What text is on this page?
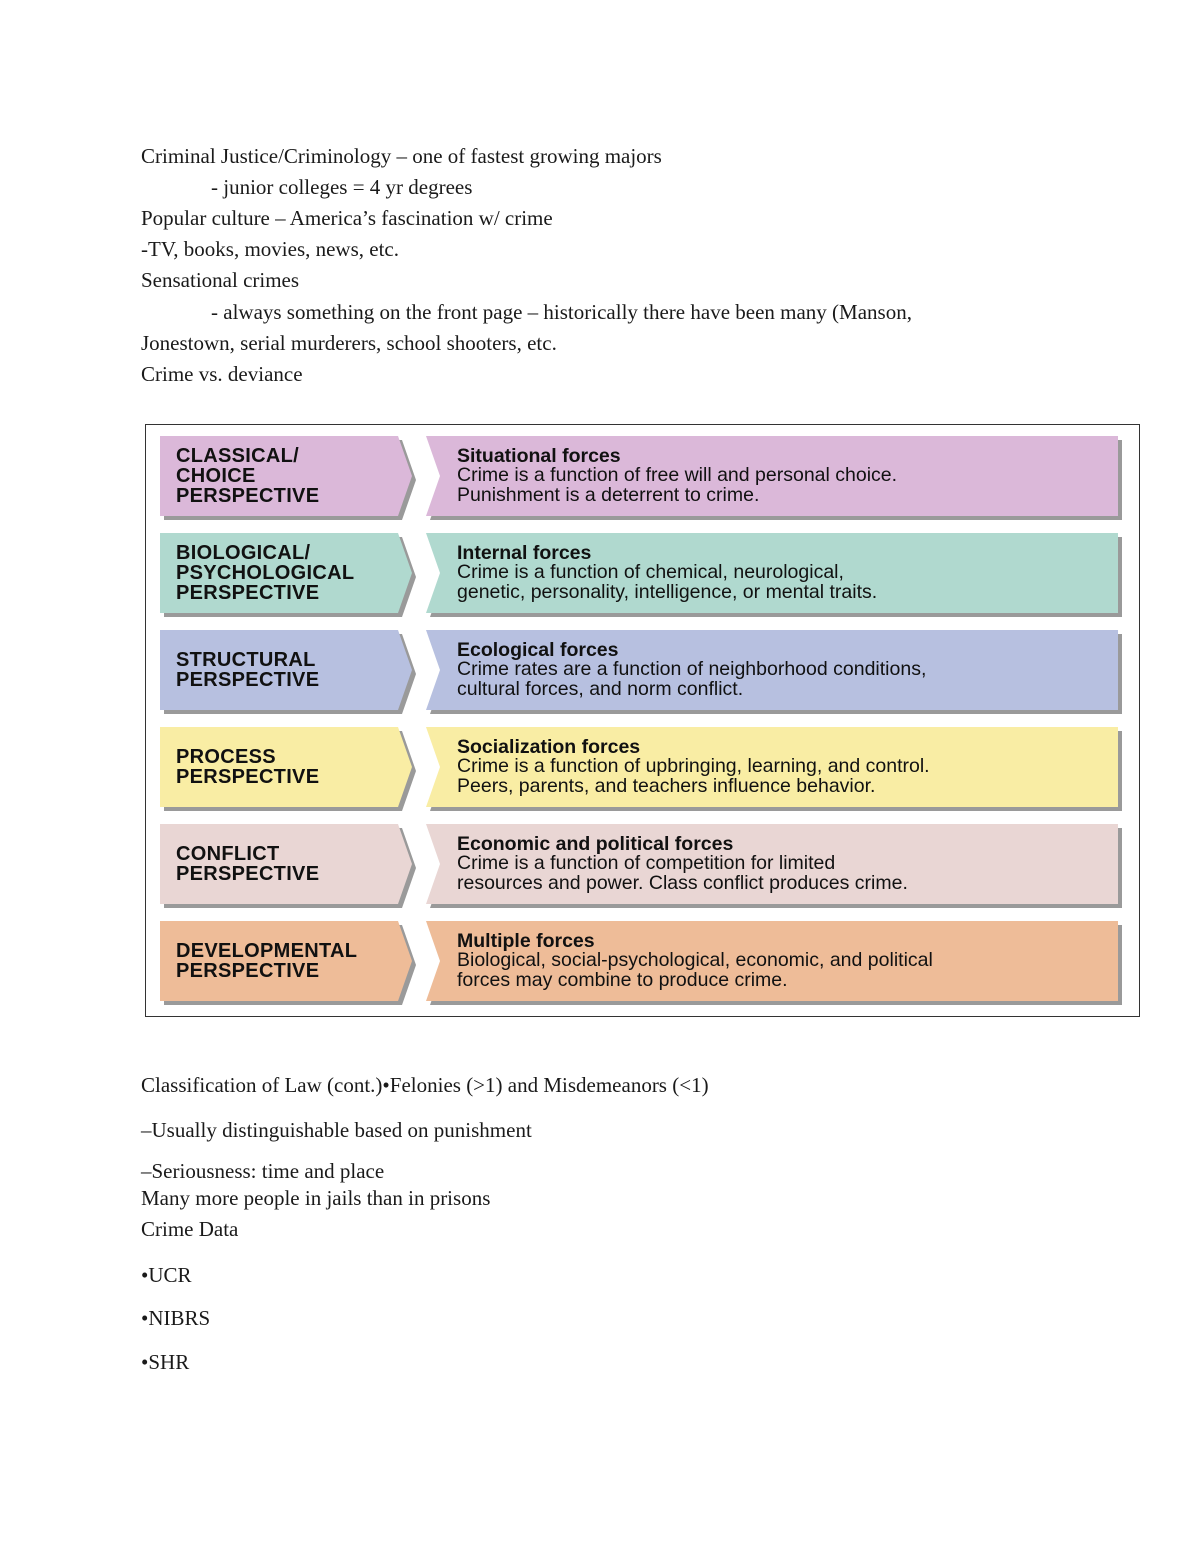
Criminal Justice/Criminology – one of fastest growing majors
- junior colleges = 4 yr degrees
Popular culture – America’s fascination w/ crime
-TV, books, movies, news, etc.
Sensational crimes
- always something on the front page – historically there have been many (Manson,
Jonestown, serial murderers, school shooters, etc.
Crime vs. deviance
CLASSICAL/
CHOICE
PERSPECTIVE
Situational forces
Crime is a function of free will and personal choice.
Punishment is a deterrent to crime.
BIOLOGICAL/
PSYCHOLOGICAL
PERSPECTIVE
Internal forces
Crime is a function of chemical, neurological,
genetic, personality, intelligence, or mental traits.
STRUCTURAL
PERSPECTIVE
Ecological forces
Crime rates are a function of neighborhood conditions,
cultural forces, and norm conflict.
PROCESS
PERSPECTIVE
Socialization forces
Crime is a function of upbringing, learning, and control.
Peers, parents, and teachers influence behavior.
CONFLICT
PERSPECTIVE
Economic and political forces
Crime is a function of competition for limited
resources and power. Class conflict produces crime.
DEVELOPMENTAL
PERSPECTIVE
Multiple forces
Biological, social-psychological, economic, and political
forces may combine to produce crime.
Classification of Law (cont.)•Felonies (>1) and Misdemeanors (<1)
–Usually distinguishable based on punishment
–Seriousness: time and place
Many more people in jails than in prisons
Crime Data
•UCR
•NIBRS
•SHR
